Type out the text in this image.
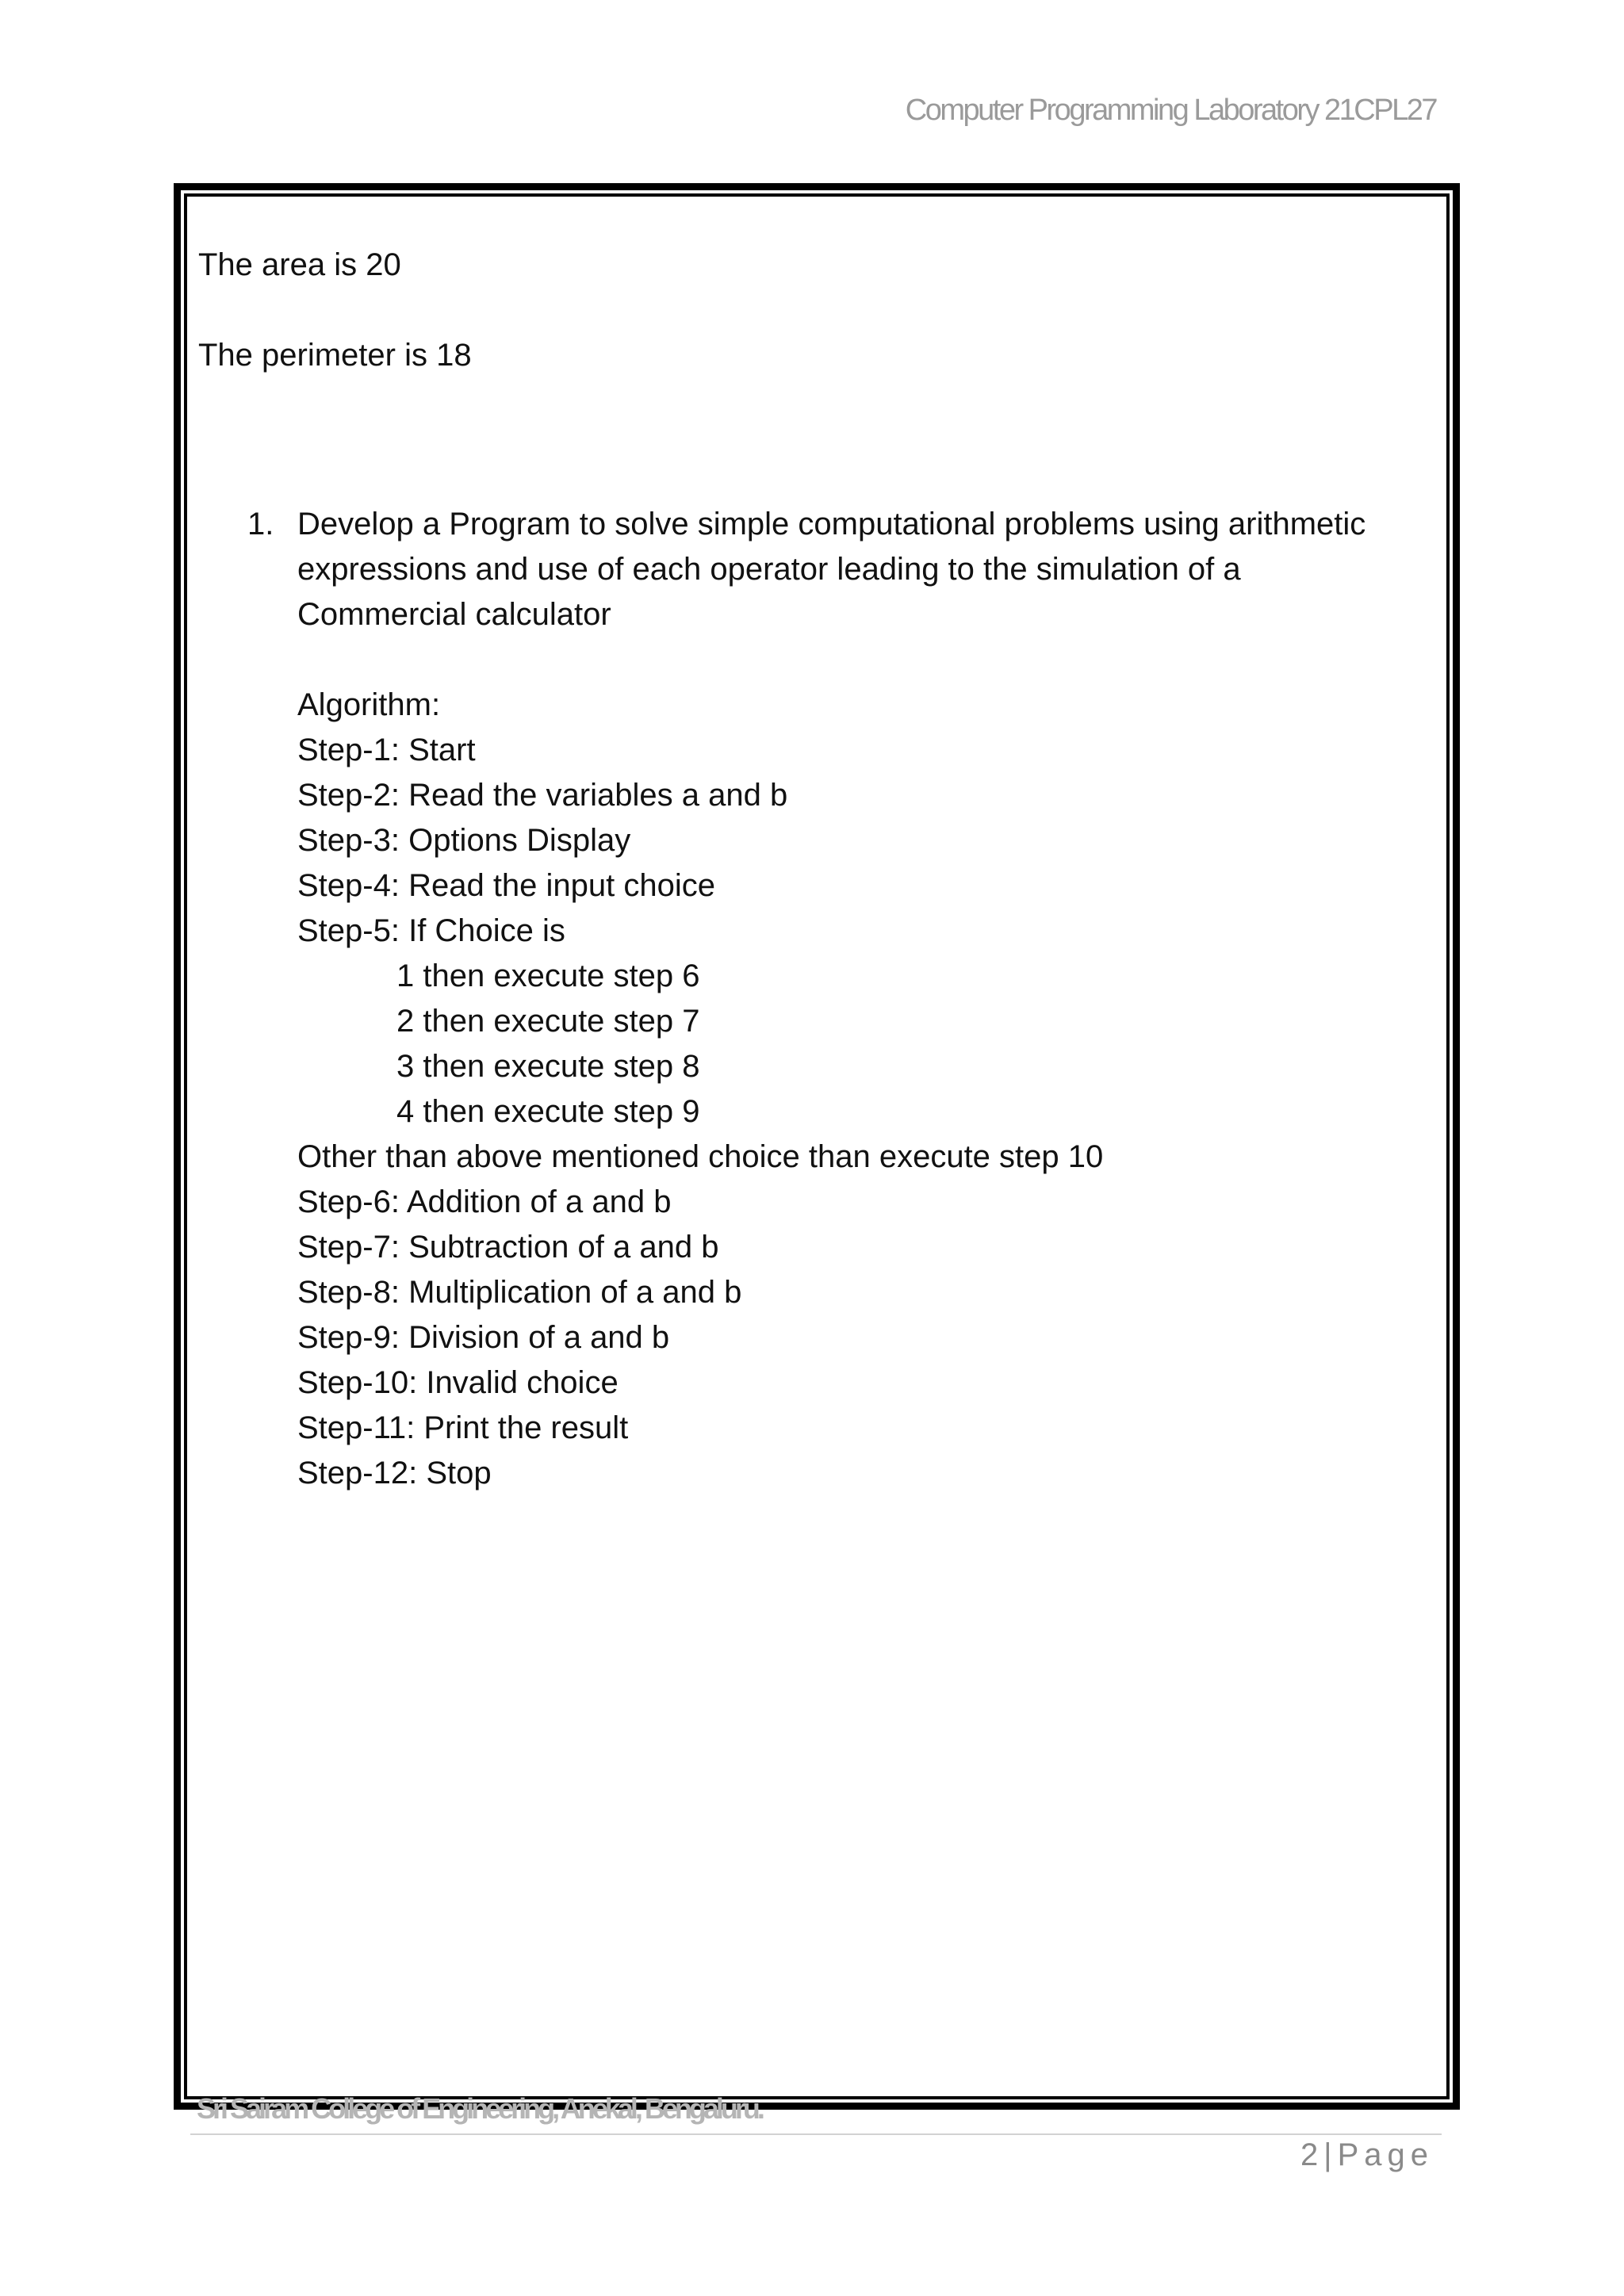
Computer Programming Laboratory 21CPL27
The area is 20
The perimeter is 18
1. Develop a Program to solve simple computational problems using arithmetic
expressions and use of each operator leading to the simulation of a
Commercial calculator
Algorithm:
Step-1: Start
Step-2: Read the variables a and b
Step-3: Options Display
Step-4: Read the input choice
Step-5: If Choice is
1 then execute step 6
2 then execute step 7
3 then execute step 8
4 then execute step 9
Other than above mentioned choice than execute step 10
Step-6: Addition of a and b
Step-7: Subtraction of a and b
Step-8: Multiplication of a and b
Step-9: Division of a and b
Step-10: Invalid choice
Step-11: Print the result
Step-12: Stop
Sri Sairam College of Engineering, Anekal, Bengaluru.
2|Page
